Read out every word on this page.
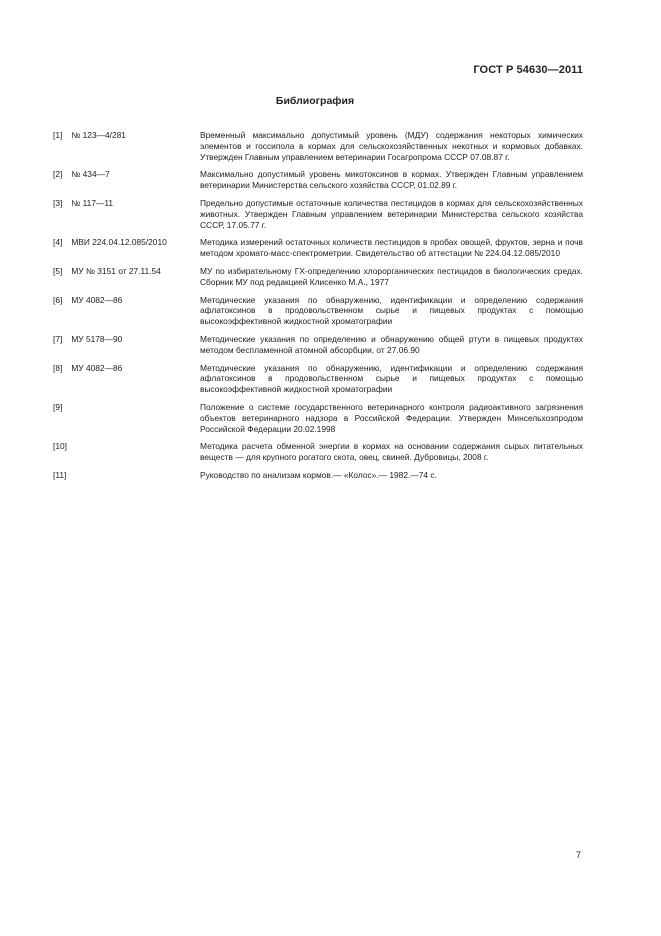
ГОСТ Р 54630—2011
Библиография
[1] № 123—4/281	Временный максимально допустимый уровень (МДУ) содержания некоторых химических элементов и госсипола в кормах для сельскохозяйственных некотных и кормовых добавках. Утвержден Главным управлением ветеринарии Госагропрома СССР 07.08.87 г.
[2] № 434—7	Максимально допустимый уровень микотоксинов в кормах. Утвержден Главным управлением ветеринарии Министерства сельского хозяйства СССР, 01.02.89 г.
[3] № 117—11	Предельно допустимые остаточные количества пестицидов в кормах для сельскохозяйственных животных. Утвержден Главным управлением ветеринарии Министерства сельского хозяйства СССР, 17.05.77 г.
[4] МВИ 224.04.12.085/2010	Методика измерений остаточных количеств пестицидов в пробах овощей, фруктов, зерна и почв методом хромато-масс-спектрометрии. Свидетельство об аттестации № 224.04.12.085/2010
[5] МУ № 3151 от 27.11.54	МУ по избирательному ГХ-определению хлорорганических пестицидов в биологических средах. Сборник МУ под редакцией Клисенко М.А., 1977
[6] МУ 4082—86	Методические указания по обнаружению, идентификации и определению содержания афлатоксинов в продовольственном сырье и пищевых продуктах с помощью высокоэффективной жидкостной хроматографии
[7] МУ 5178—90	Методические указания по определению и обнаружению общей ртути в пищевых продуктах методом беспламенной атомной абсорбции, от 27.06.90
[8] МУ 4082—86	Методические указания по обнаружению, идентификации и определению содержания афлатоксинов в продовольственном сырье и пищевых продуктах с помощью высокоэффективной жидкостной хроматографии
[9]	Положение о системе государственного ветеринарного контроля радиоактивного загрязнения объектов ветеринарного надзора в Российской Федерации. Утвержден Минсельхозпродом Российской Федерации 20.02.1998
[10]	Методика расчета обменной энергии в кормах на основании содержания сырых питательных веществ — для крупного рогатого скота, овец, свиней. Дубровицы, 2008 г.
[11]	Руководство по анализам кормов.— «Колос».— 1982.—74 с.
7
